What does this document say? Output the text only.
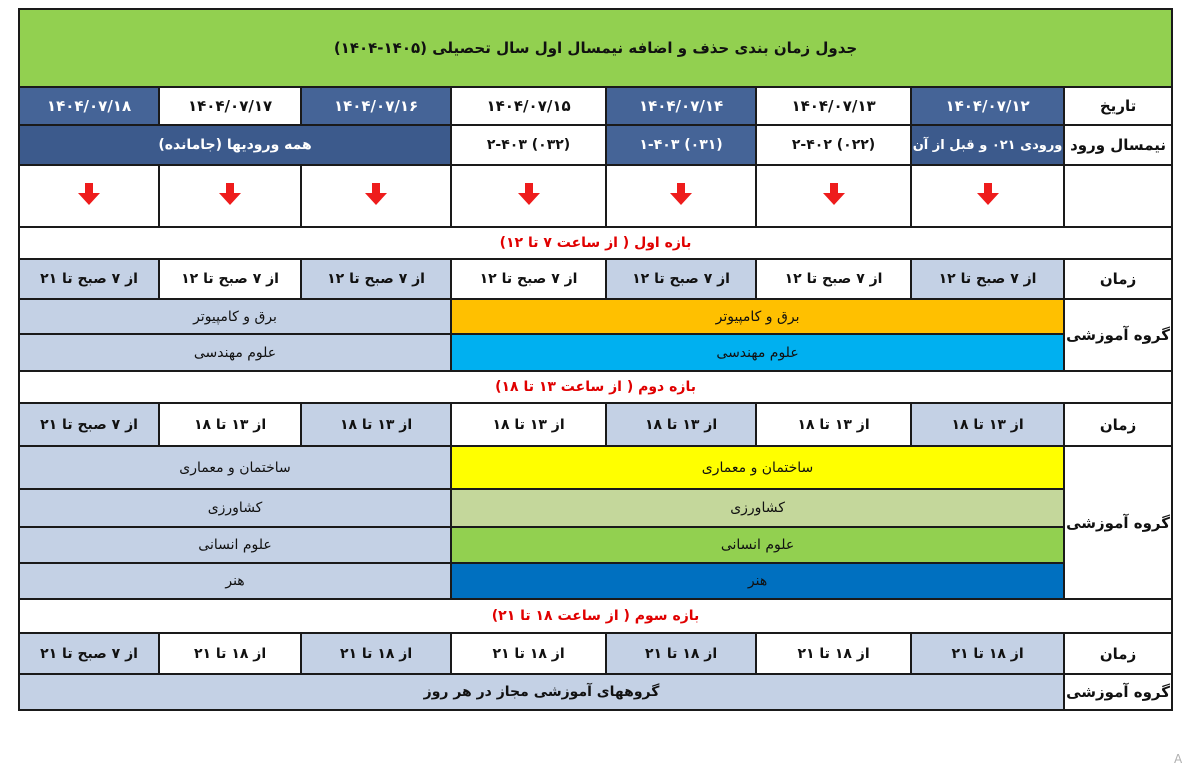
جدول زمان بندی حذف و اضافه نیمسال اول سال تحصیلی (۱۴۰۵-۱۴۰۴)							
تاریخ	۱۴۰۴/۰۷/۱۲	۱۴۰۴/۰۷/۱۳	۱۴۰۴/۰۷/۱۴	۱۴۰۴/۰۷/۱۵	۱۴۰۴/۰۷/۱۶	۱۴۰۴/۰۷/۱۷	۱۴۰۴/۰۷/۱۸
نیمسال ورود	ورودی ۰۲۱ و قبل از آن	(۰۲۲) ۲-۴۰۲	(۰۳۱) ۱-۴۰۳	(۰۳۲) ۲-۴۰۳	همه ورودیها (جامانده)		

بازه اول ( از ساعت ۷ تا ۱۲)							
زمان	از ۷ صبح تا ۱۲	از ۷ صبح تا ۱۲	از ۷ صبح تا ۱۲	از ۷ صبح تا ۱۲	از ۷ صبح تا ۱۲	از ۷ صبح تا ۱۲	از ۷ صبح تا ۲۱
گروه آموزشی	برق و کامپیوتر				برق و کامپیوتر		
	علوم مهندسی				علوم مهندسی		
بازه دوم ( از ساعت ۱۳ تا ۱۸)							
زمان	از ۱۳ تا ۱۸	از ۱۳ تا ۱۸	از ۱۳ تا ۱۸	از ۱۳ تا ۱۸	از ۱۳ تا ۱۸	از ۱۳ تا ۱۸	از ۷ صبح تا ۲۱
گروه آموزشی	ساختمان و معماری				ساختمان و معماری		
	کشاورزی				کشاورزی		
	علوم انسانی				علوم انسانی		
	هنر				هنر		
بازه سوم ( از ساعت ۱۸ تا ۲۱)							
زمان	از ۱۸ تا ۲۱	از ۱۸ تا ۲۱	از ۱۸ تا ۲۱	از ۱۸ تا ۲۱	از ۱۸ تا ۲۱	از ۱۸ تا ۲۱	از ۷ صبح تا ۲۱
گروه آموزشی	گروههای آموزشی مجاز در هر روز						
A
